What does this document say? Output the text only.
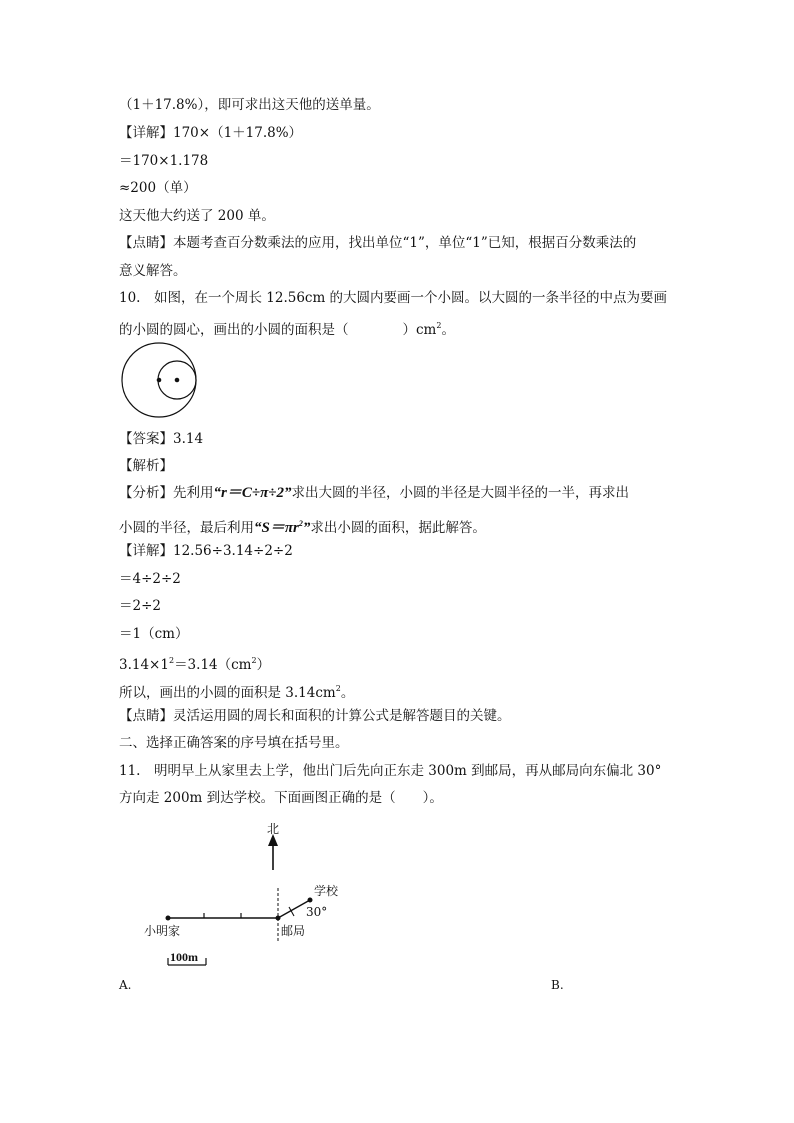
（1＋17.8%），即可求出这天他的送单量。
【详解】170×（1＋17.8%）
＝170×1.178
≈200（单）
这天他大约送了 200 单。
【点睛】本题考查百分数乘法的应用，找出单位“1”，单位“1”已知，根据百分数乘法的
意义解答。
10.　如图，在一个周长 12.56cm 的大圆内要画一个小圆。以大圆的一条半径的中点为要画
的小圆的圆心，画出的小圆的面积是（　　　　）$cm^2$。
【答案】3.14
【解析】
【分析】先利用“r＝C÷π÷2”求出大圆的半径，小圆的半径是大圆半径的一半，再求出
小圆的半径，最后利用“$S=\pi r^2$”求出小圆的面积，据此解答。
【详解】12.56÷3.14÷2÷2
＝4÷2÷2
＝2÷2
＝1（cm）
$3.14\times 1^2=3.14(cm^2)$
所以，画出的小圆的面积是 $3.14cm^2$。
【点睛】灵活运用圆的周长和面积的计算公式是解答题目的关键。
二、选择正确答案的序号填在括号里。
11.　明明早上从家里去上学，他出门后先向正东走 300m 到邮局，再从邮局向东偏北 30°
方向走 200m 到达学校。下面画图正确的是（　　）。
北
学校
30°
小明家	邮局
100m
A.	B.
